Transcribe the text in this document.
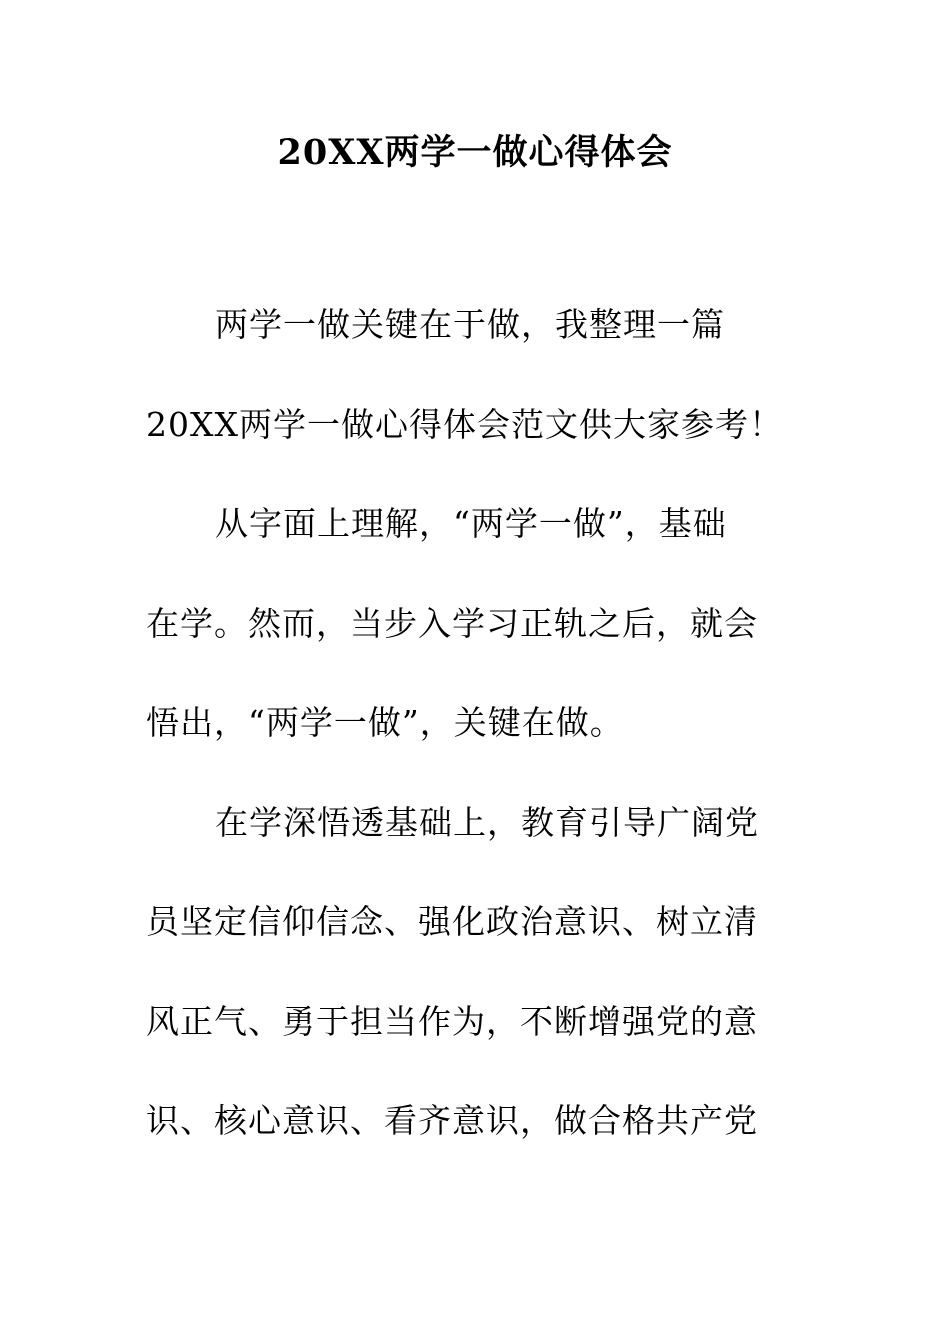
20XX两学一做心得体会
两学一做关键在于做，我整理一篇
20XX两学一做心得体会范文供大家参考！
从字面上理解，“两学一做”，基础
在学。然而，当步入学习正轨之后，就会
悟出，“两学一做”，关键在做。
在学深悟透基础上，教育引导广阔党
员坚定信仰信念、强化政治意识、树立清
风正气、勇于担当作为，不断增强党的意
识、核心意识、看齐意识，做合格共产党
